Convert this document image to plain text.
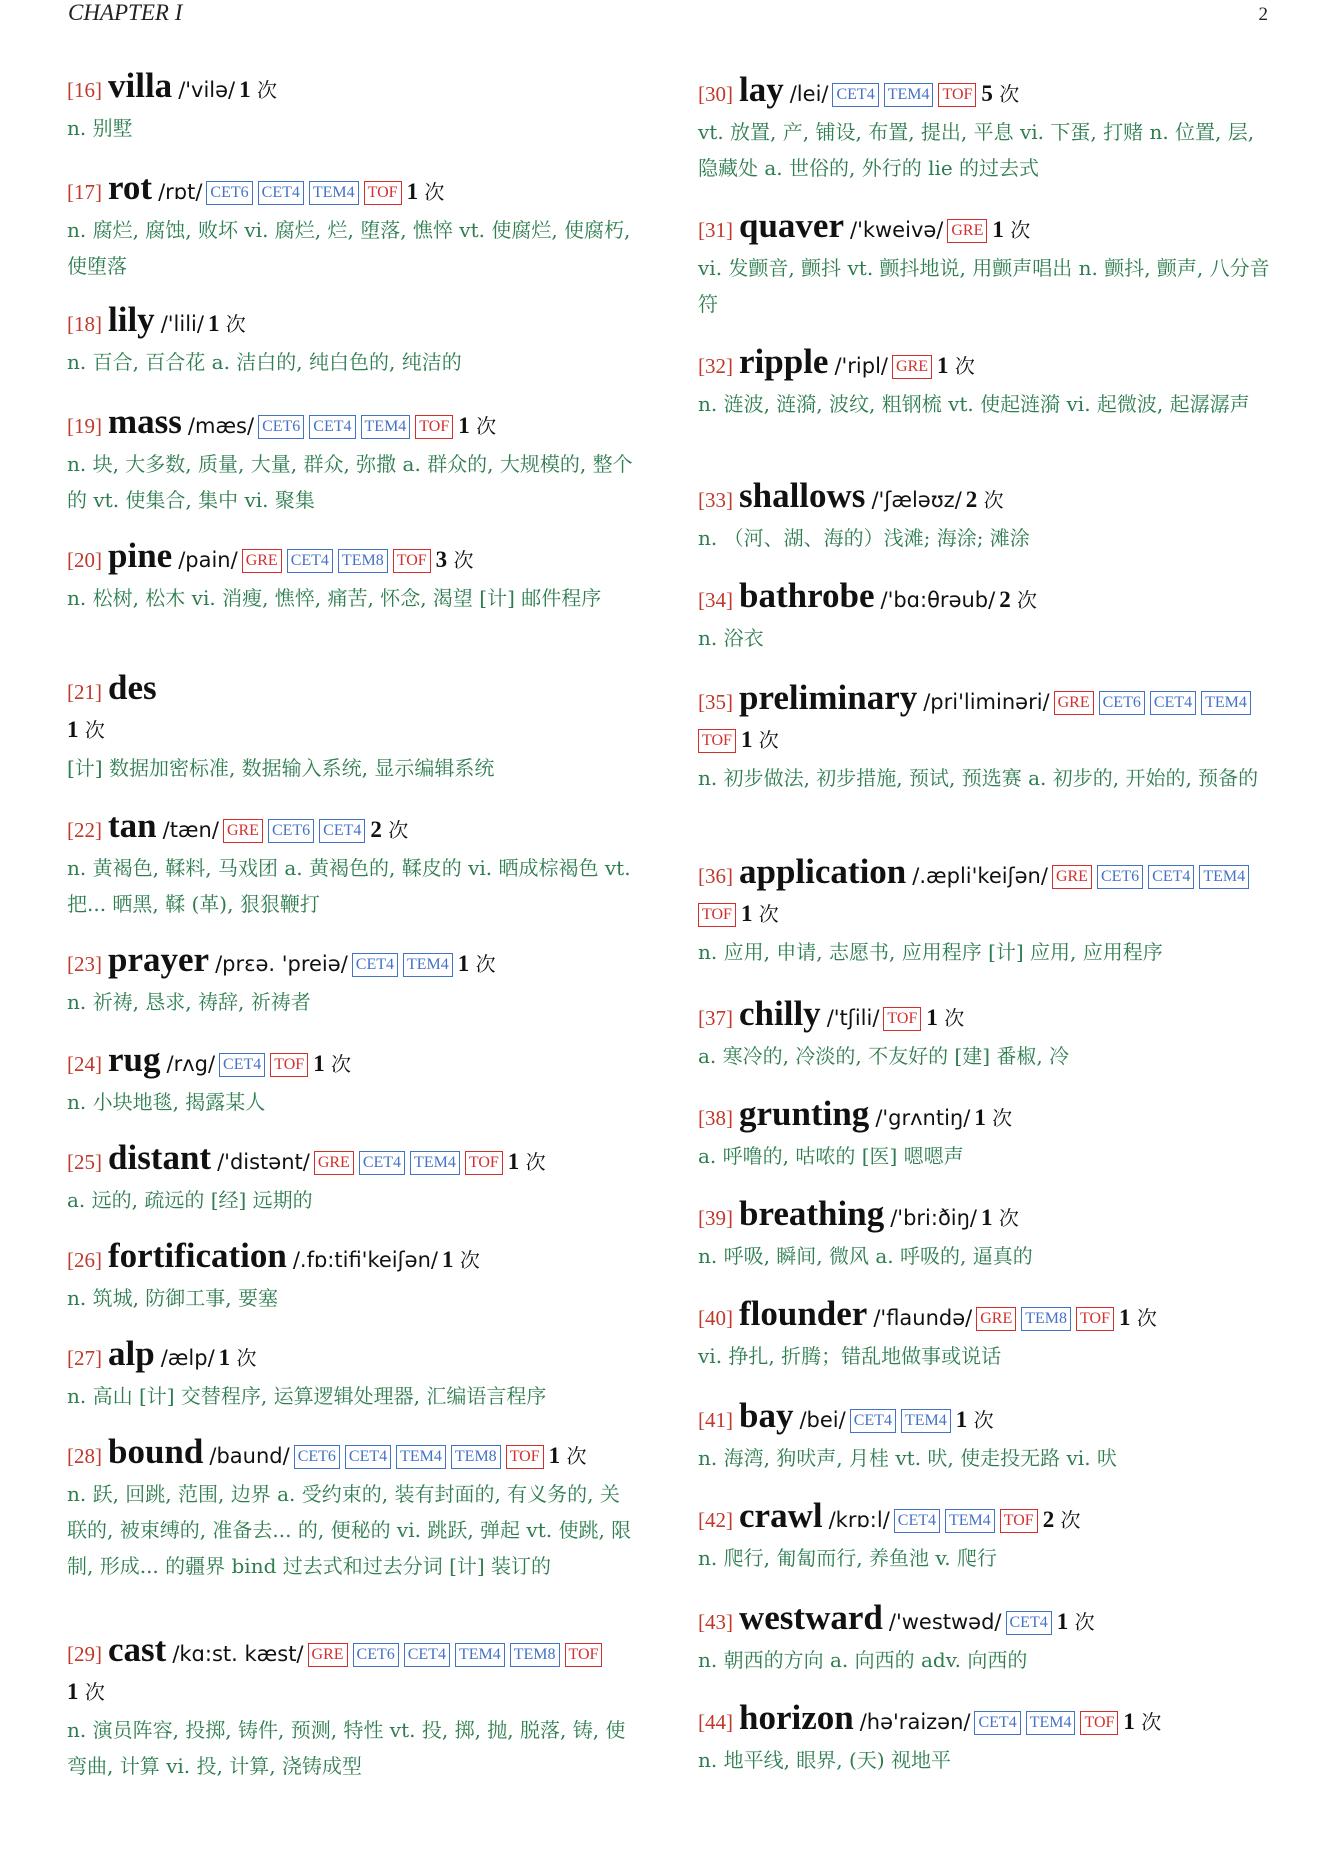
CHAPTER I	2
[16] villa /'vilə/ 1 次
n. 别墅
[17] rot /rɒt/ CET6 CET4 TEM4 TOF 1 次
n. 腐烂, 腐蚀, 败坏 vi. 腐烂, 烂, 堕落, 憔悴 vt. 使腐烂, 使腐朽, 使堕落
[18] lily /'lili/ 1 次
n. 百合, 百合花 a. 洁白的, 纯白色的, 纯洁的
[19] mass /mæs/ CET6 CET4 TEM4 TOF 1 次
n. 块, 大多数, 质量, 大量, 群众, 弥撒 a. 群众的, 大规模的, 整个的 vt. 使集合, 集中 vi. 聚集
[20] pine /pain/ GRE CET4 TEM8 TOF 3 次
n. 松树, 松木 vi. 消瘦, 憔悴, 痛苦, 怀念, 渴望 [计] 邮件程序
[21] des
1 次
[计] 数据加密标准, 数据输入系统, 显示编辑系统
[22] tan /tæn/ GRE CET6 CET4 2 次
n. 黄褐色, 鞣料, 马戏团 a. 黄褐色的, 鞣皮的 vi. 晒成棕褐色 vt. 把... 晒黑, 鞣 (革), 狠狠鞭打
[23] prayer /prɛə. 'preiə/ CET4 TEM4 1 次
n. 祈祷, 恳求, 祷辞, 祈祷者
[24] rug /rʌg/ CET4 TOF 1 次
n. 小块地毯, 揭露某人
[25] distant /'distənt/ GRE CET4 TEM4 TOF 1 次
a. 远的, 疏远的 [经] 远期的
[26] fortification /.fɒ:tifi'keiʃən/ 1 次
n. 筑城, 防御工事, 要塞
[27] alp /ælp/ 1 次
n. 高山 [计] 交替程序, 运算逻辑处理器, 汇编语言程序
[28] bound /baund/ CET6 CET4 TEM4 TEM8 TOF 1 次
n. 跃, 回跳, 范围, 边界 a. 受约束的, 装有封面的, 有义务的, 关联的, 被束缚的, 准备去... 的, 便秘的 vi. 跳跃, 弹起 vt. 使跳, 限制, 形成... 的疆界 bind 过去式和过去分词 [计] 装订的
[29] cast /kɑ:st. kæst/ GRE CET6 CET4 TEM4 TEM8 TOF
1 次
n. 演员阵容, 投掷, 铸件, 预测, 特性 vt. 投, 掷, 抛, 脱落, 铸, 使弯曲, 计算 vi. 投, 计算, 浇铸成型
[30] lay /lei/ CET4 TEM4 TOF 5 次
vt. 放置, 产, 铺设, 布置, 提出, 平息 vi. 下蛋, 打赌 n. 位置, 层, 隐藏处 a. 世俗的, 外行的 lie 的过去式
[31] quaver /'kweivə/ GRE 1 次
vi. 发颤音, 颤抖 vt. 颤抖地说, 用颤声唱出 n. 颤抖, 颤声, 八分音符
[32] ripple /'ripl/ GRE 1 次
n. 涟波, 涟漪, 波纹, 粗钢梳 vt. 使起涟漪 vi. 起微波, 起潺潺声
[33] shallows /'ʃæləʊz/ 2 次
n. （河、湖、海的）浅滩; 海涂; 滩涂
[34] bathrobe /'bɑ:θrəub/ 2 次
n. 浴衣
[35] preliminary /pri'liminəri/ GRE CET6 CET4 TEM4TOF 1 次
n. 初步做法, 初步措施, 预试, 预选赛 a. 初步的, 开始的, 预备的
[36] application /.æpli'keiʃən/ GRE CET6 CET4 TEM4TOF 1 次
n. 应用, 申请, 志愿书, 应用程序 [计] 应用, 应用程序
[37] chilly /'tʃili/ TOF 1 次
a. 寒冷的, 冷淡的, 不友好的 [建] 番椒, 冷
[38] grunting /'grʌntiŋ/ 1 次
a. 呼噜的, 咕哝的 [医] 嗯嗯声
[39] breathing /'bri:ðiŋ/ 1 次
n. 呼吸, 瞬间, 微风 a. 呼吸的, 逼真的
[40] flounder /'flaundə/ GRE TEM8 TOF 1 次
vi. 挣扎, 折腾；错乱地做事或说话
[41] bay /bei/ CET4 TEM4 1 次
n. 海湾, 狗吠声, 月桂 vt. 吠, 使走投无路 vi. 吠
[42] crawl /krɒ:l/ CET4 TEM4 TOF 2 次
n. 爬行, 匍匐而行, 养鱼池 v. 爬行
[43] westward /'westwəd/ CET4 1 次
n. 朝西的方向 a. 向西的 adv. 向西的
[44] horizon /hə'raizən/ CET4 TEM4 TOF 1 次
n. 地平线, 眼界, (天) 视地平
